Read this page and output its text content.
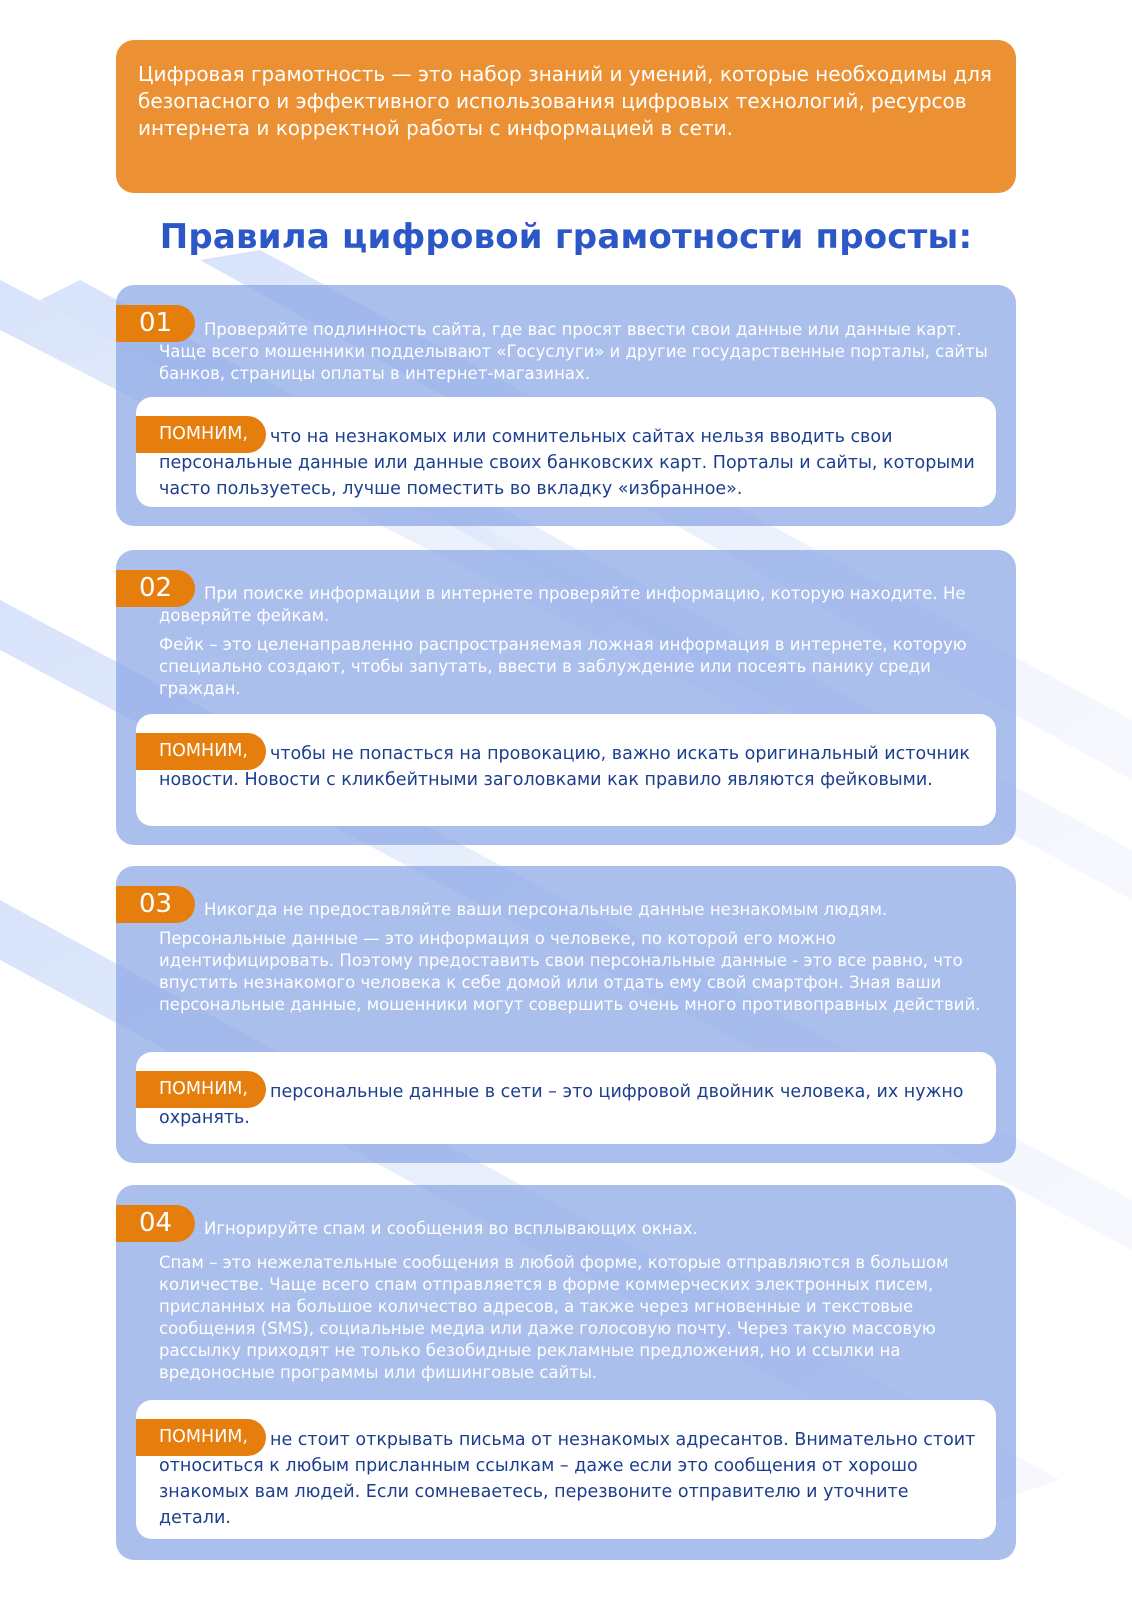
Цифровая грамотность — это набор знаний и умений, которые необходимы для безопасного и эффективного использования цифровых технологий, ресурсов интернета и корректной работы с информацией в сети.
Правила цифровой грамотности просты:
01	Проверяйте подлинность сайта, где вас просят ввести свои данные или данные карт. Чаще всего мошенники подделывают «Госуслуги» и другие государственные порталы, сайты банков, страницы оплаты в интернет-магазинах.
что на незнакомых или сомнительных сайтах нельзя вводить свои персональные данные или данные своих банковских карт. Порталы и сайты, которыми часто пользуетесь, лучше поместить во вкладку «избранное».
ПОМНИМ,
02	При поиске информации в интернете проверяйте информацию, которую находите. Не доверяйте фейкам.
Фейк – это целенаправленно распространяемая ложная информация в интернете, которую специально создают, чтобы запутать, ввести в заблуждение или посеять панику среди граждан.
чтобы не попасться на провокацию, важно искать оригинальный источник новости. Новости с кликбейтными заголовками как правило являются фейковыми.
ПОМНИМ,
03	Никогда не предоставляйте ваши персональные данные незнакомым людям.
Персональные данные — это информация о человеке, по которой его можно идентифицировать. Поэтому предоставить свои персональные данные - это все равно, что впустить незнакомого человека к себе домой или отдать ему свой смартфон. Зная ваши персональные данные, мошенники могут совершить очень много противоправных действий.
персональные данные в сети – это цифровой двойник человека, их нужно охранять.
ПОМНИМ,
04	Игнорируйте спам и сообщения во всплывающих окнах.
Спам – это нежелательные сообщения в любой форме, которые отправляются в большом количестве. Чаще всего спам отправляется в форме коммерческих электронных писем, присланных на большое количество адресов, а также через мгновенные и текстовые сообщения (SMS), социальные медиа или даже голосовую почту. Через такую массовую рассылку приходят не только безобидные рекламные предложения, но и ссылки на вредоносные программы или фишинговые сайты.
не стоит открывать письма от незнакомых адресантов. Внимательно стоит относиться к любым присланным ссылкам – даже если это сообщения от хорошо знакомых вам людей. Если сомневаетесь, перезвоните отправителю и уточните детали.
ПОМНИМ,
